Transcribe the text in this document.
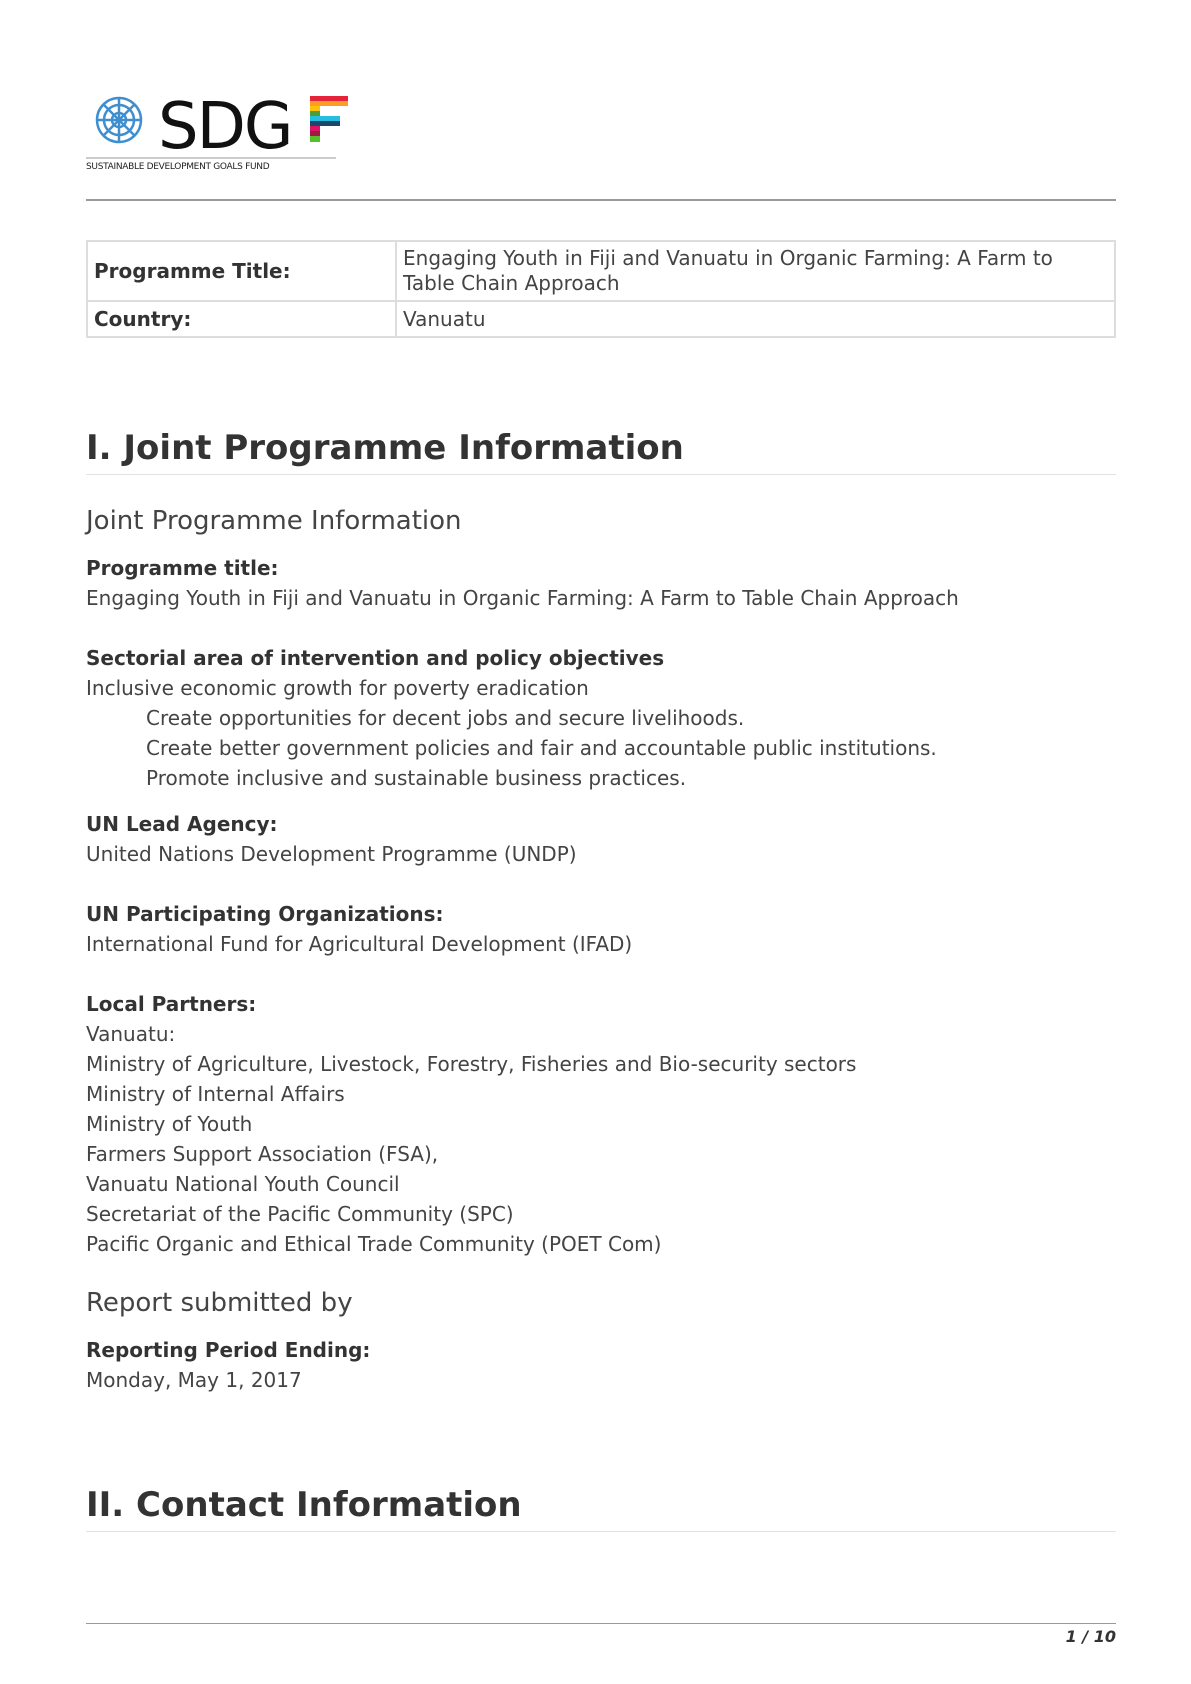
SDG
SUSTAINABLE DEVELOPMENT GOALS FUND
Programme Title:	Engaging Youth in Fiji and Vanuatu in Organic Farming: A Farm to Table Chain Approach
Country:	Vanuatu
I. Joint Programme Information
Joint Programme Information
Programme title:
Engaging Youth in Fiji and Vanuatu in Organic Farming: A Farm to Table Chain Approach
Sectorial area of intervention and policy objectives
Inclusive economic growth for poverty eradication
Create opportunities for decent jobs and secure livelihoods.
Create better government policies and fair and accountable public institutions.
Promote inclusive and sustainable business practices.
UN Lead Agency:
United Nations Development Programme (UNDP)
UN Participating Organizations:
International Fund for Agricultural Development (IFAD)
Local Partners:
Vanuatu:
Ministry of Agriculture, Livestock, Forestry, Fisheries and Bio-security sectors
Ministry of Internal Affairs
Ministry of Youth
Farmers Support Association (FSA),
Vanuatu National Youth Council
Secretariat of the Pacific Community (SPC)
Pacific Organic and Ethical Trade Community (POET Com)
Report submitted by
Reporting Period Ending:
Monday, May 1, 2017
II. Contact Information
1 / 10
